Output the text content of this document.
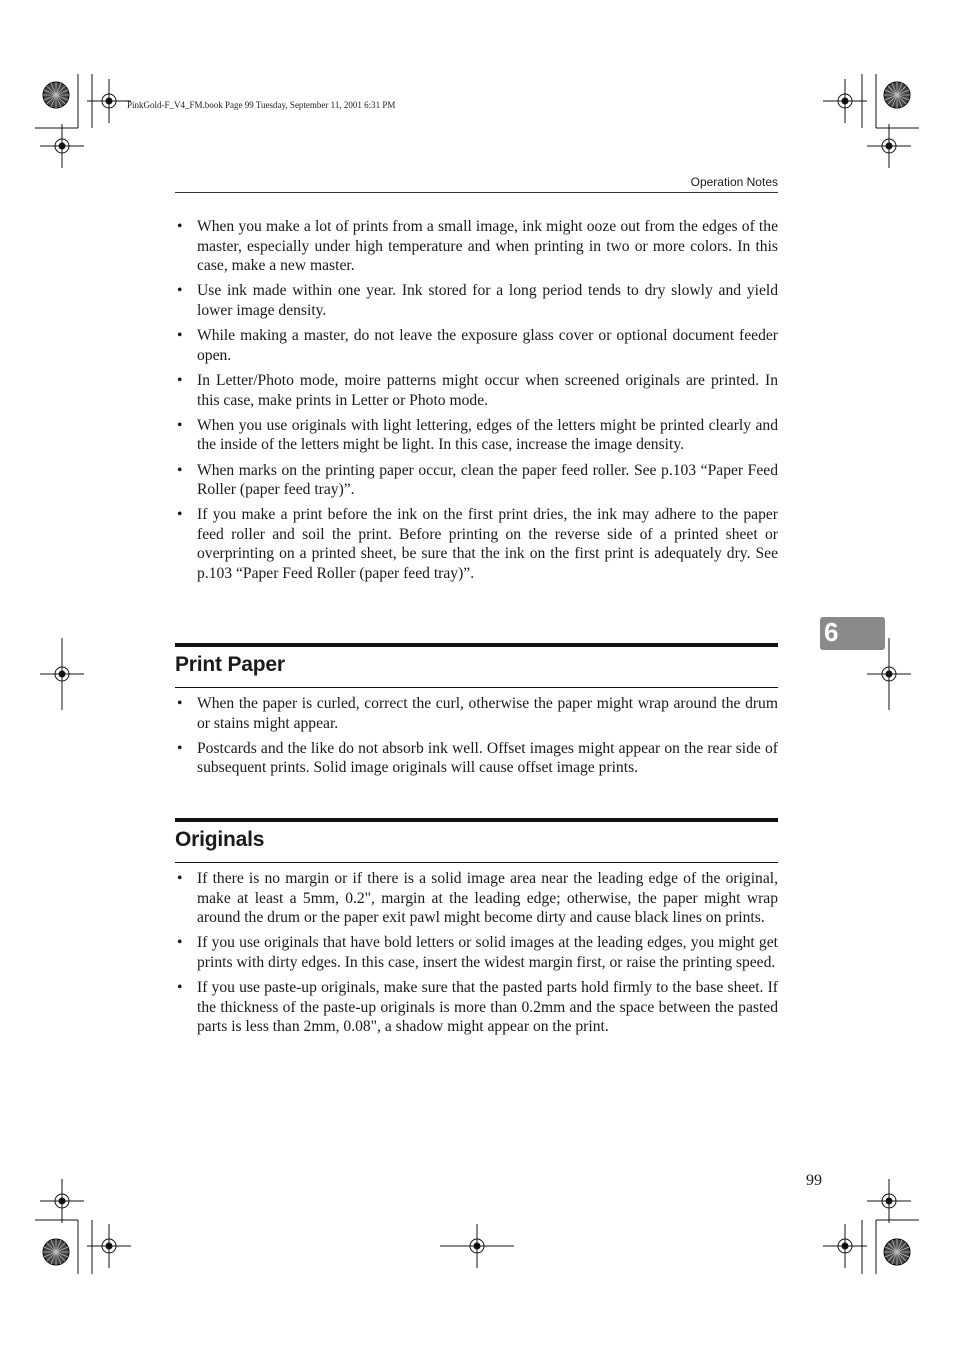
PinkGold-F_V4_FM.book Page 99 Tuesday, September 11, 2001 6:31 PM
Operation Notes
• When you make a lot of prints from a small image, ink might ooze out from the edges of the master, especially under high temperature and when printing in two or more colors. In this case, make a new master.
• Use ink made within one year. Ink stored for a long period tends to dry slowly and yield lower image density.
• While making a master, do not leave the exposure glass cover or optional document feeder open.
• In Letter/Photo mode, moire patterns might occur when screened originals are printed. In this case, make prints in Letter or Photo mode.
• When you use originals with light lettering, edges of the letters might be printed clearly and the inside of the letters might be light. In this case, increase the image density.
• When marks on the printing paper occur, clean the paper feed roller. See p.103 “Paper Feed Roller (paper feed tray)”.
• If you make a print before the ink on the first print dries, the ink may adhere to the paper feed roller and soil the print. Before printing on the reverse side of a printed sheet or overprinting on a printed sheet, be sure that the ink on the first print is adequately dry. See p.103 “Paper Feed Roller (paper feed tray)”.
6
Print Paper
• When the paper is curled, correct the curl, otherwise the paper might wrap around the drum or stains might appear.
• Postcards and the like do not absorb ink well. Offset images might appear on the rear side of subsequent prints. Solid image originals will cause offset image prints.
Originals
• If there is no margin or if there is a solid image area near the leading edge of the original, make at least a 5mm, 0.2", margin at the leading edge; otherwise, the paper might wrap around the drum or the paper exit pawl might become dirty and cause black lines on prints.
• If you use originals that have bold letters or solid images at the leading edges, you might get prints with dirty edges. In this case, insert the widest margin first, or raise the printing speed.
• If you use paste-up originals, make sure that the pasted parts hold firmly to the base sheet. If the thickness of the paste-up originals is more than 0.2mm and the space between the pasted parts is less than 2mm, 0.08", a shadow might appear on the print.
99
